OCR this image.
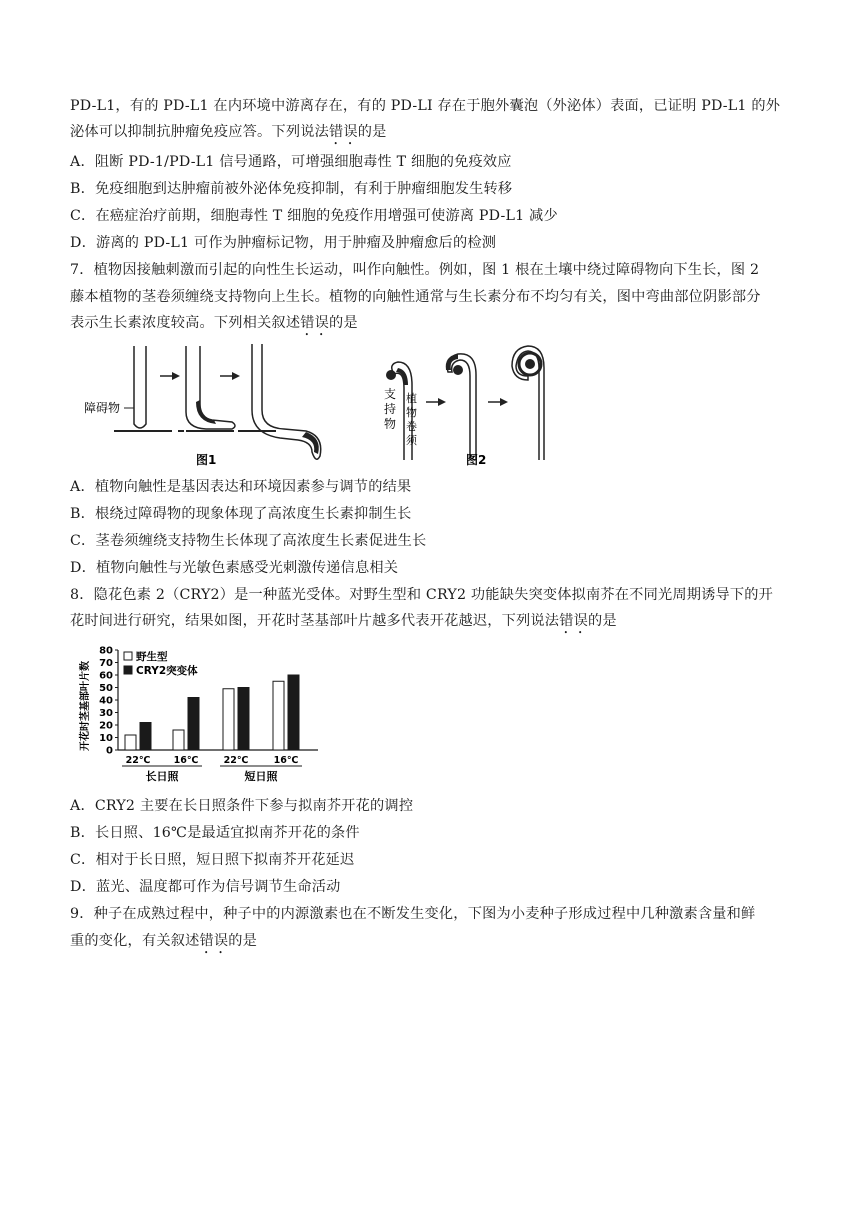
PD-L1，有的 PD-L1 在内环境中游离存在，有的 PD-LI 存在于胞外囊泡（外泌体）表面，已证明 PD-L1 的外
泌体可以抑制抗肿瘤免疫应答。下列说法错误的是
A．阻断 PD-1/PD-L1 信号通路，可增强细胞毒性 T 细胞的免疫效应
B．免疫细胞到达肿瘤前被外泌体免疫抑制，有利于肿瘤细胞发生转移
C．在癌症治疗前期，细胞毒性 T 细胞的免疫作用增强可使游离 PD-L1 减少
D．游离的 PD-L1 可作为肿瘤标记物，用于肿瘤及肿瘤愈后的检测
7．植物因接触刺激而引起的向性生长运动，叫作向触性。例如，图 1 根在土壤中绕过障碍物向下生长，图 2
藤本植物的茎卷须缠绕支持物向上生长。植物的向触性通常与生长素分布不均匀有关，图中弯曲部位阴影部分
表示生长素浓度较高。下列相关叙述错误的是
障碍物
图1
支
持
物
植
物
卷
须
图2
A．植物向触性是基因表达和环境因素参与调节的结果
B．根绕过障碍物的现象体现了高浓度生长素抑制生长
C．茎卷须缠绕支持物生长体现了高浓度生长素促进生长
D．植物向触性与光敏色素感受光刺激传递信息相关
8．隐花色素 2（CRY2）是一种蓝光受体。对野生型和 CRY2 功能缺失突变体拟南芥在不同光周期诱导下的开
花时间进行研究，结果如图，开花时茎基部叶片越多代表开花越迟，下列说法错误的是
开花时茎基部叶片数 0
10
20
30
40
50
60
70
80
22℃ 16℃	22℃	16℃
长日照	短日照
野生型
CRY2突变体
A．CRY2 主要在长日照条件下参与拟南芥开花的调控
B．长日照、16℃是最适宜拟南芥开花的条件
C．相对于长日照，短日照下拟南芥开花延迟
D．蓝光、温度都可作为信号调节生命活动
9．种子在成熟过程中，种子中的内源激素也在不断发生变化，下图为小麦种子形成过程中几种激素含量和鲜
重的变化，有关叙述错误的是
